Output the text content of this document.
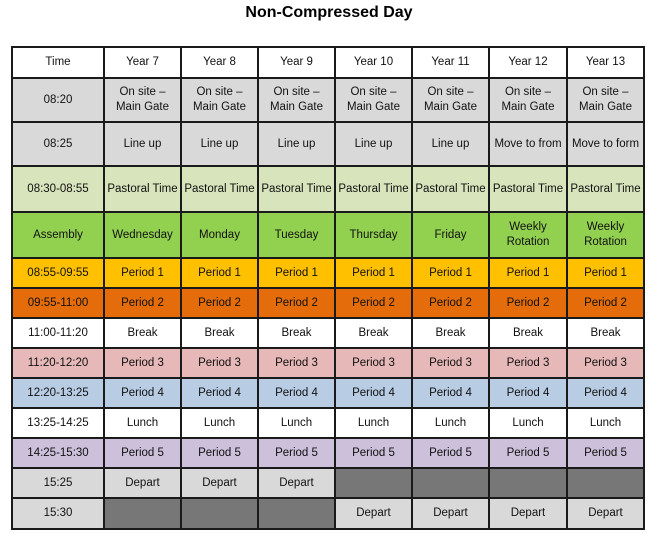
Non-Compressed Day
Time	Year 7	Year 8	Year 9	Year 10	Year 11	Year 12	Year 13
08:20	On site – Main Gate	On site – Main Gate	On site – Main Gate	On site – Main Gate	On site – Main Gate	On site – Main Gate	On site – Main Gate
08:25	Line up	Line up	Line up	Line up	Line up	Move to from	Move to form
08:30-08:55	Pastoral Time	Pastoral Time	Pastoral Time	Pastoral Time	Pastoral Time	Pastoral Time	Pastoral Time
Assembly	Wednesday	Monday	Tuesday	Thursday	Friday	Weekly Rotation	Weekly Rotation
08:55-09:55	Period 1	Period 1	Period 1	Period 1	Period 1	Period 1	Period 1
09:55-11:00	Period 2	Period 2	Period 2	Period 2	Period 2	Period 2	Period 2
11:00-11:20	Break	Break	Break	Break	Break	Break	Break
11:20-12:20	Period 3	Period 3	Period 3	Period 3	Period 3	Period 3	Period 3
12:20-13:25	Period 4	Period 4	Period 4	Period 4	Period 4	Period 4	Period 4
13:25-14:25	Lunch	Lunch	Lunch	Lunch	Lunch	Lunch	Lunch
14:25-15:30	Period 5	Period 5	Period 5	Period 5	Period 5	Period 5	Period 5
15:25	Depart	Depart	Depart				
15:30				Depart	Depart	Depart	Depart
